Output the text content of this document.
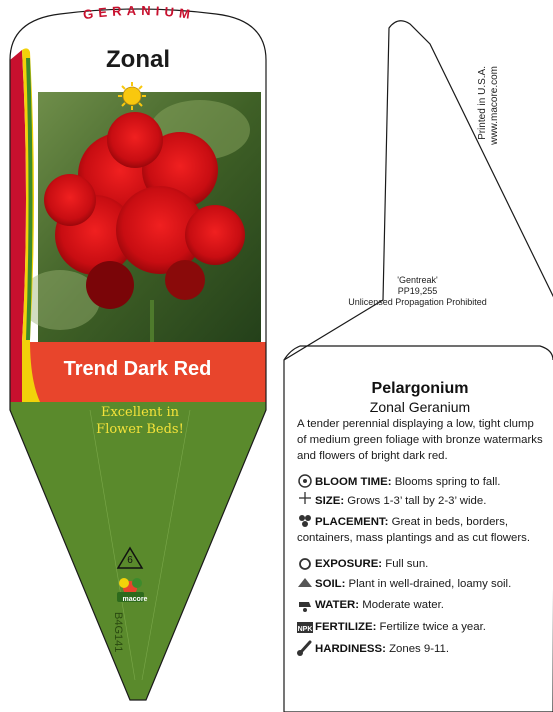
GERANIUM
NPK
Zonal
Trend Dark Red
Excellent in
Flower Beds!
6
macore
B4G141
Printed in U.S.A. www.macore.com
'Gentreak'
PP19,255
Unlicensed Propagation Prohibited
Pelargonium
Zonal Geranium
A tender perennial displaying a low, tight clump of medium green foliage with bronze watermarks and flowers of bright dark red.
BLOOM TIME: Blooms spring to fall.
SIZE: Grows 1-3’ tall by 2-3’ wide.
PLACEMENT: Great in beds, borders, containers, mass plantings and as cut flowers.
EXPOSURE: Full sun.
SOIL: Plant in well-drained, loamy soil.
WATER: Moderate water.
FERTILIZE: Fertilize twice a year.
HARDINESS: Zones 9-11.
